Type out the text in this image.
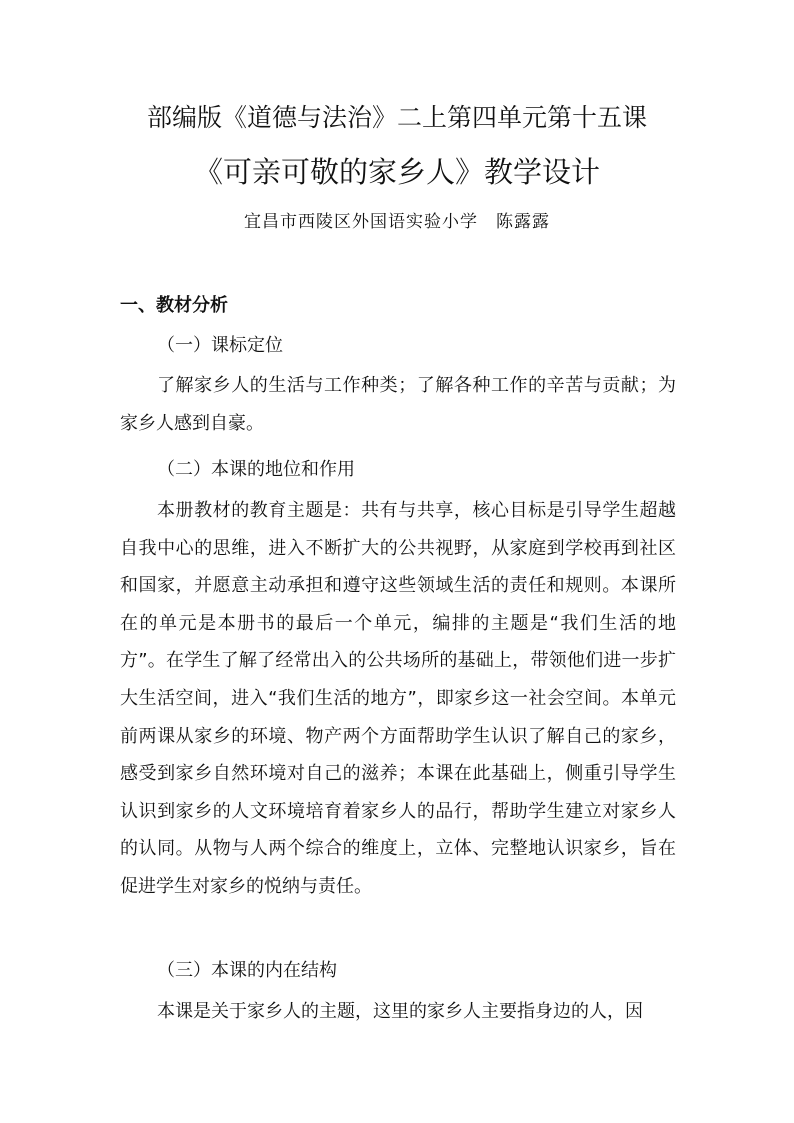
部编版《道德与法治》二上第四单元第十五课
《可亲可敬的家乡人》教学设计
宜昌市西陵区外国语实验小学　陈露露
一、教材分析
（一）课标定位

了解家乡人的生活与工作种类；了解各种工作的辛苦与贡献；为家乡人感到自豪。

（二）本课的地位和作用

本册教材的教育主题是：共有与共享，核心目标是引导学生超越自我中心的思维，进入不断扩大的公共视野，从家庭到学校再到社区和国家，并愿意主动承担和遵守这些领域生活的责任和规则。本课所在的单元是本册书的最后一个单元，编排的主题是“我们生活的地方”。在学生了解了经常出入的公共场所的基础上，带领他们进一步扩大生活空间，进入“我们生活的地方”，即家乡这一社会空间。本单元前两课从家乡的环境、物产两个方面帮助学生认识了解自己的家乡，感受到家乡自然环境对自己的滋养；本课在此基础上，侧重引导学生认识到家乡的人文环境培育着家乡人的品行，帮助学生建立对家乡人的认同。从物与人两个综合的维度上，立体、完整地认识家乡，旨在促进学生对家乡的悦纳与责任。

（三）本课的内在结构

本课是关于家乡人的主题，这里的家乡人主要指身边的人，因
